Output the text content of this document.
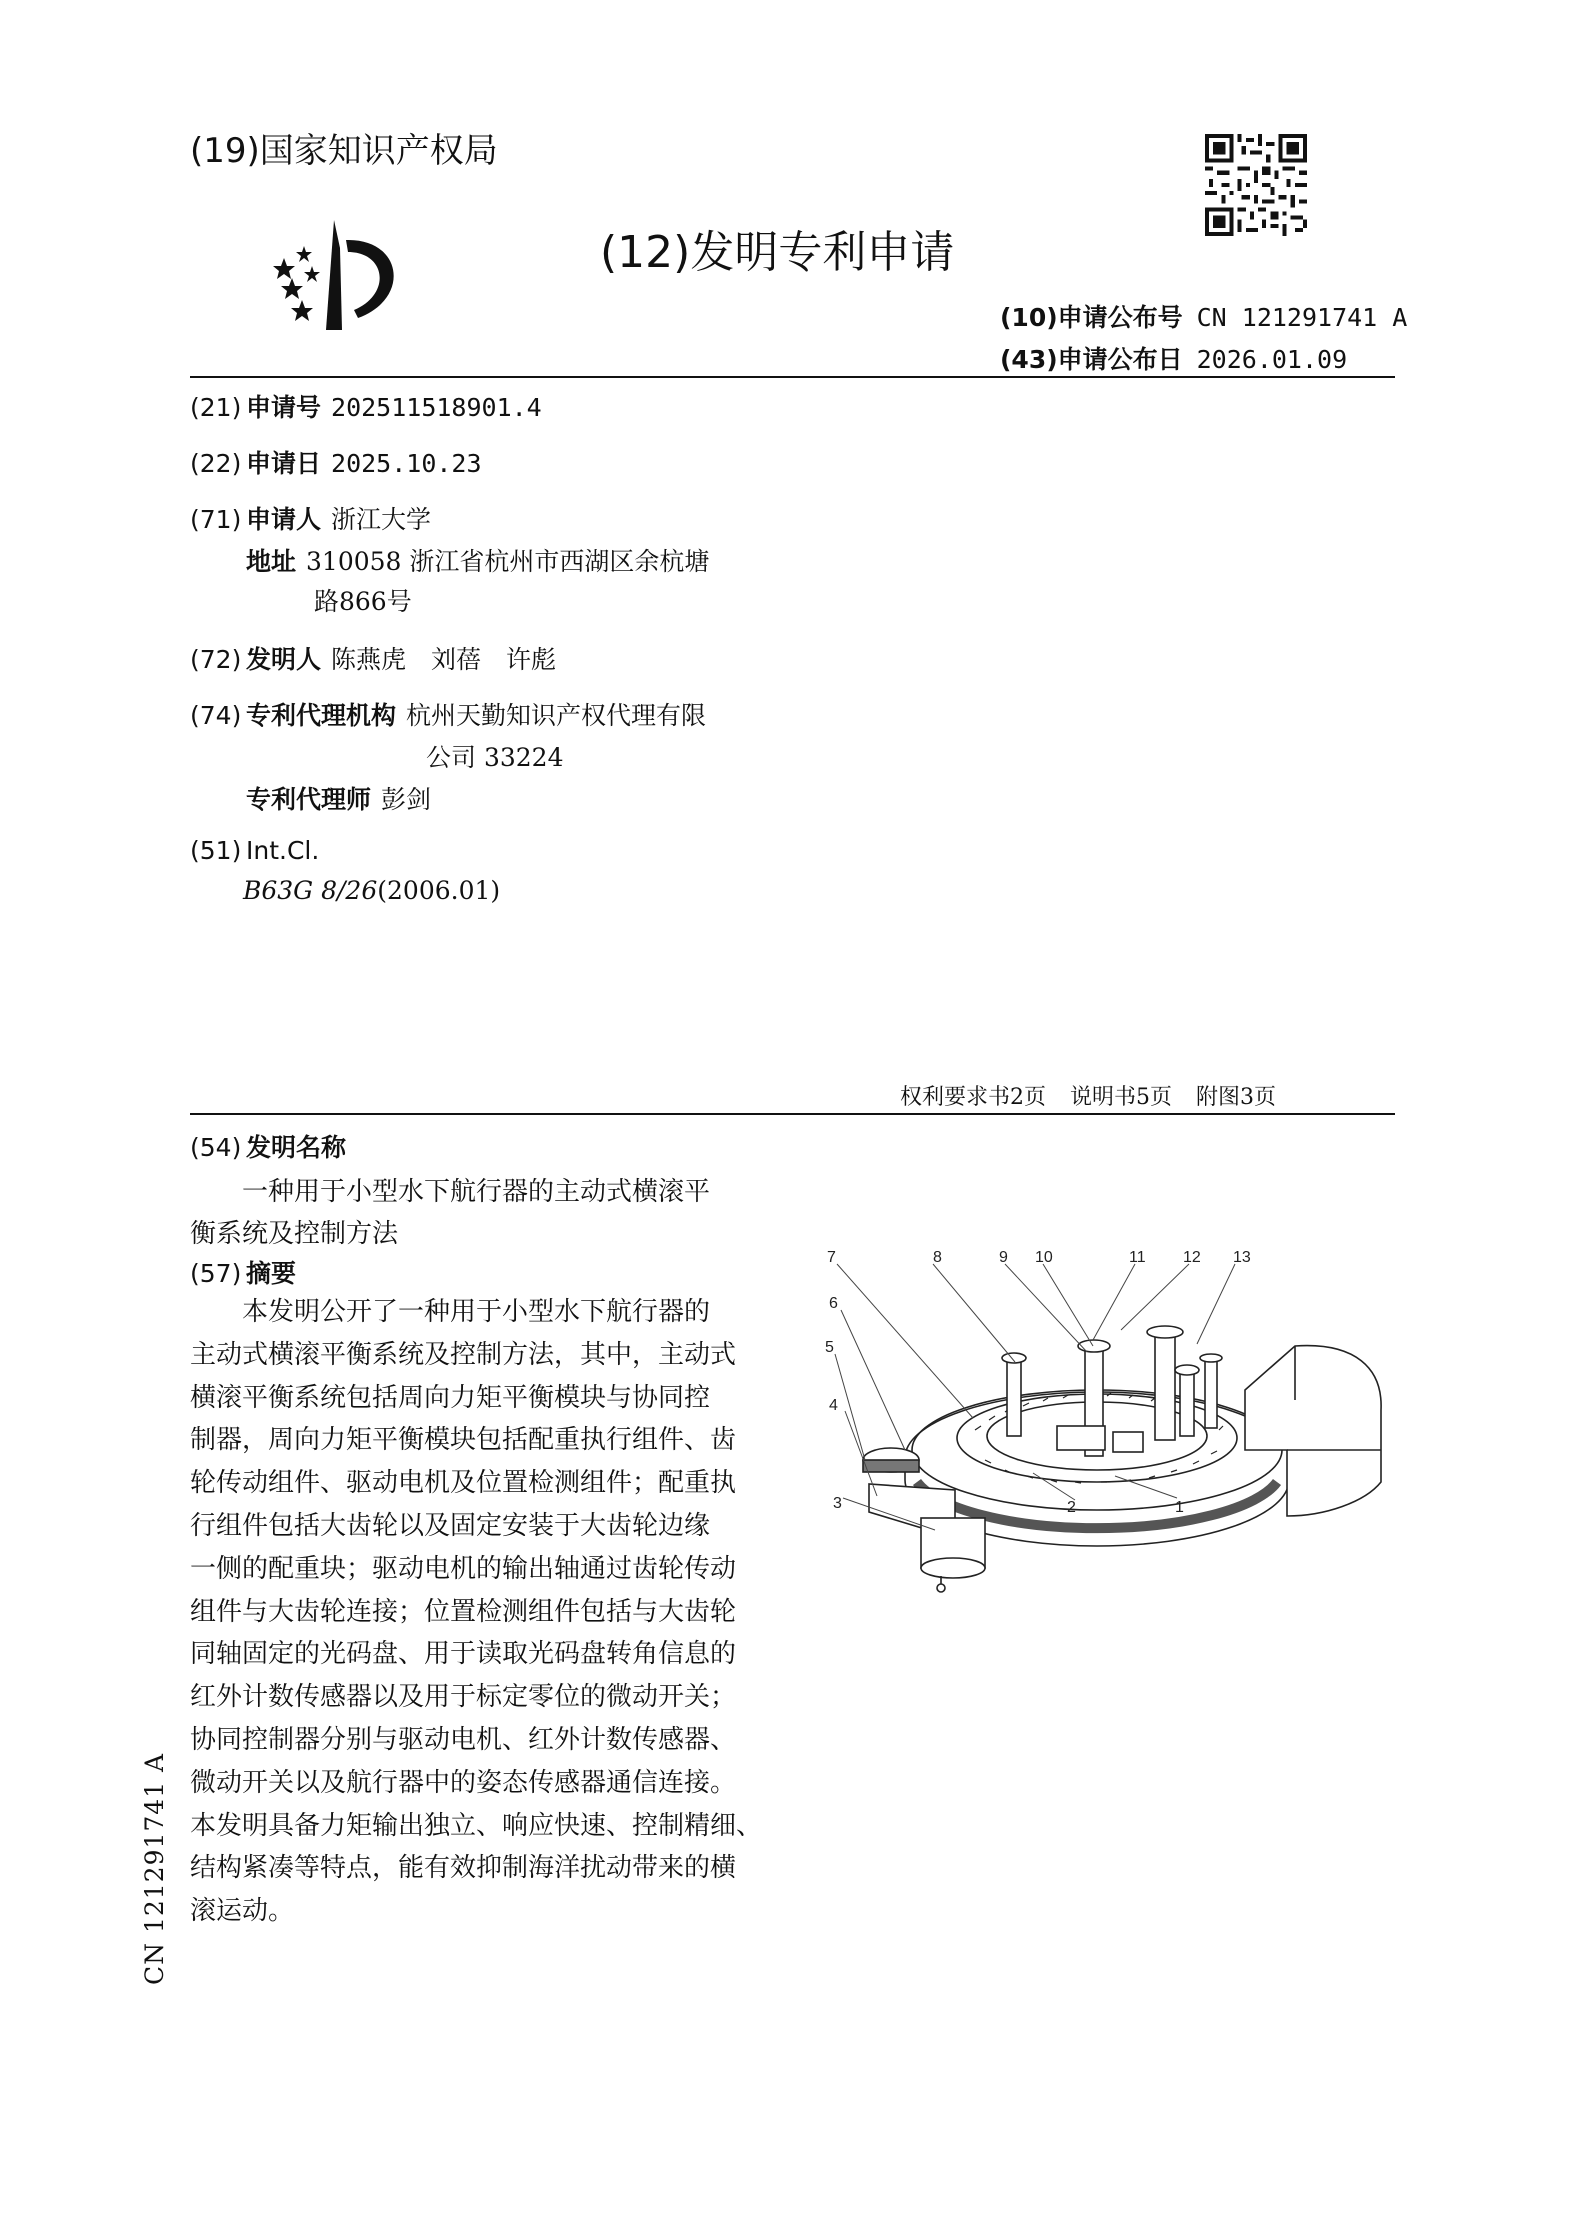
(19)国家知识产权局
(12)发明专利申请
(10)申请公布号 CN 121291741 A
(43)申请公布日 2026.01.09
(21) 申请号 202511518901.4
(22) 申请日 2025.10.23
(71) 申请人 浙江大学
地址 310058 浙江省杭州市西湖区余杭塘
路866号
(72) 发明人 陈燕虎　刘蓓　许彪
(74) 专利代理机构 杭州天勤知识产权代理有限
公司 33224
专利代理师 彭剑
(51) Int.Cl.
B63G 8/26(2006.01)
权利要求书2页 说明书5页 附图3页
(54) 发明名称
一种用于小型水下航行器的主动式横滚平
衡系统及控制方法
(57) 摘要
　　本发明公开了一种用于小型水下航行器的
主动式横滚平衡系统及控制方法，其中，主动式
横滚平衡系统包括周向力矩平衡模块与协同控
制器，周向力矩平衡模块包括配重执行组件、齿
轮传动组件、驱动电机及位置检测组件；配重执
行组件包括大齿轮以及固定安装于大齿轮边缘
一侧的配重块；驱动电机的输出轴通过齿轮传动
组件与大齿轮连接；位置检测组件包括与大齿轮
同轴固定的光码盘、用于读取光码盘转角信息的
红外计数传感器以及用于标定零位的微动开关；
协同控制器分别与驱动电机、红外计数传感器、
微动开关以及航行器中的姿态传感器通信连接。
本发明具备力矩输出独立、响应快速、控制精细、
结构紧凑等特点，能有效抑制海洋扰动带来的横
滚运动。
CN 121291741 A
7
6
5
4
3
8	9 10	11 12 13
2	1
